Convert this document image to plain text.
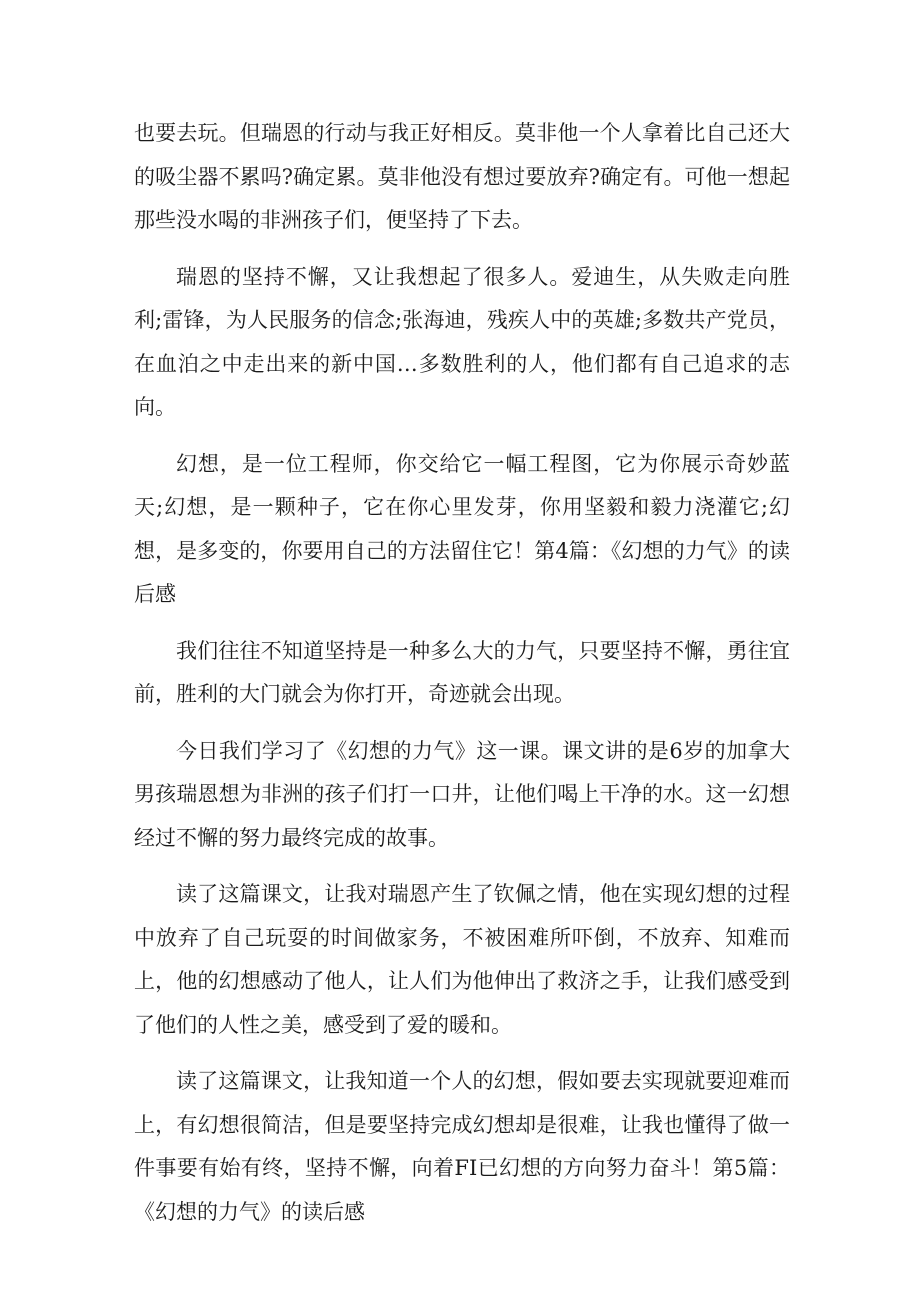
也要去玩。但瑞恩的行动与我正好相反。莫非他一个人拿着比自己还大的吸尘器不累吗?确定累。莫非他没有想过要放弃?确定有。可他一想起那些没水喝的非洲孩子们，便坚持了下去。

瑞恩的坚持不懈，又让我想起了很多人。爱迪生，从失败走向胜利;雷锋，为人民服务的信念;张海迪，残疾人中的英雄;多数共产党员，在血泊之中走出来的新中国…多数胜利的人，他们都有自己追求的志向。

幻想，是一位工程师，你交给它一幅工程图，它为你展示奇妙蓝天;幻想，是一颗种子，它在你心里发芽，你用坚毅和毅力浇灌它;幻想，是多变的，你要用自己的方法留住它！第4篇：《幻想的力气》的读后感

我们往往不知道坚持是一种多么大的力气，只要坚持不懈，勇往宜前，胜利的大门就会为你打开，奇迹就会出现。

今日我们学习了《幻想的力气》这一课。课文讲的是6岁的加拿大男孩瑞恩想为非洲的孩子们打一口井，让他们喝上干净的水。这一幻想经过不懈的努力最终完成的故事。

读了这篇课文，让我对瑞恩产生了钦佩之情，他在实现幻想的过程中放弃了自己玩耍的时间做家务，不被困难所吓倒，不放弃、知难而上，他的幻想感动了他人，让人们为他伸出了救济之手，让我们感受到了他们的人性之美，感受到了爱的暖和。

读了这篇课文，让我知道一个人的幻想，假如要去实现就要迎难而上，有幻想很简洁，但是要坚持完成幻想却是很难，让我也懂得了做一件事要有始有终，坚持不懈，向着FI已幻想的方向努力奋斗！第5篇：《幻想的力气》的读后感
